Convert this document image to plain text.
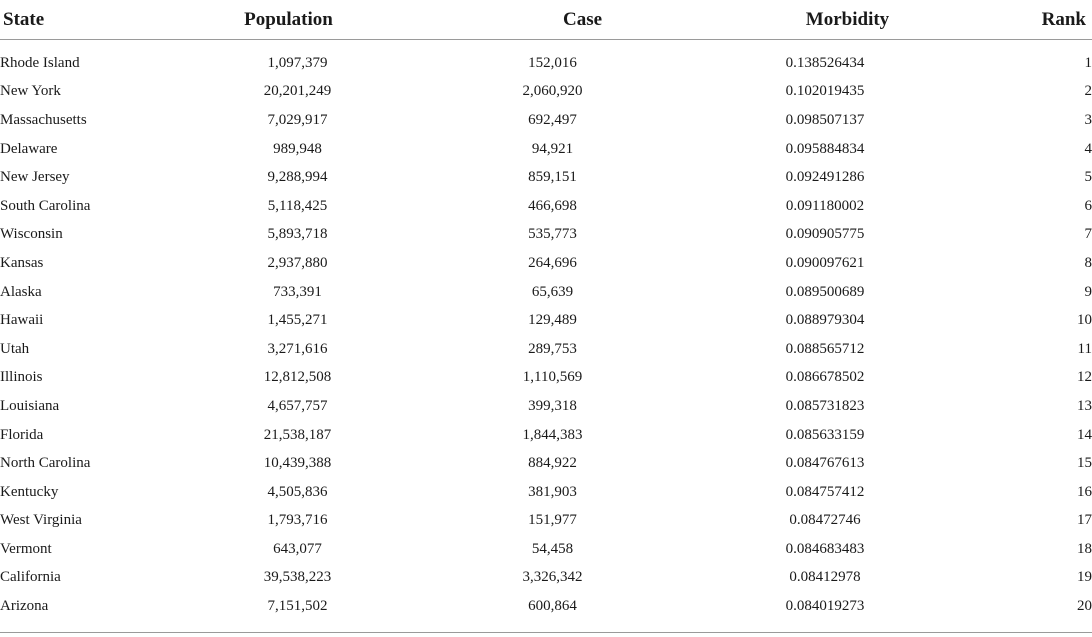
State	Population	Case	Morbidity	Rank

Rhode Island	1,097,379	152,016	0.138526434	1
New York	20,201,249	2,060,920	0.102019435	2
Massachusetts	7,029,917	692,497	0.098507137	3
Delaware	989,948	94,921	0.095884834	4
New Jersey	9,288,994	859,151	0.092491286	5
South Carolina	5,118,425	466,698	0.091180002	6
Wisconsin	5,893,718	535,773	0.090905775	7
Kansas	2,937,880	264,696	0.090097621	8
Alaska	733,391	65,639	0.089500689	9
Hawaii	1,455,271	129,489	0.088979304	10
Utah	3,271,616	289,753	0.088565712	11
Illinois	12,812,508	1,110,569	0.086678502	12
Louisiana	4,657,757	399,318	0.085731823	13
Florida	21,538,187	1,844,383	0.085633159	14
North Carolina	10,439,388	884,922	0.084767613	15
Kentucky	4,505,836	381,903	0.084757412	16
West Virginia	1,793,716	151,977	0.08472746	17
Vermont	643,077	54,458	0.084683483	18
California	39,538,223	3,326,342	0.08412978	19
Arizona	7,151,502	600,864	0.084019273	20
